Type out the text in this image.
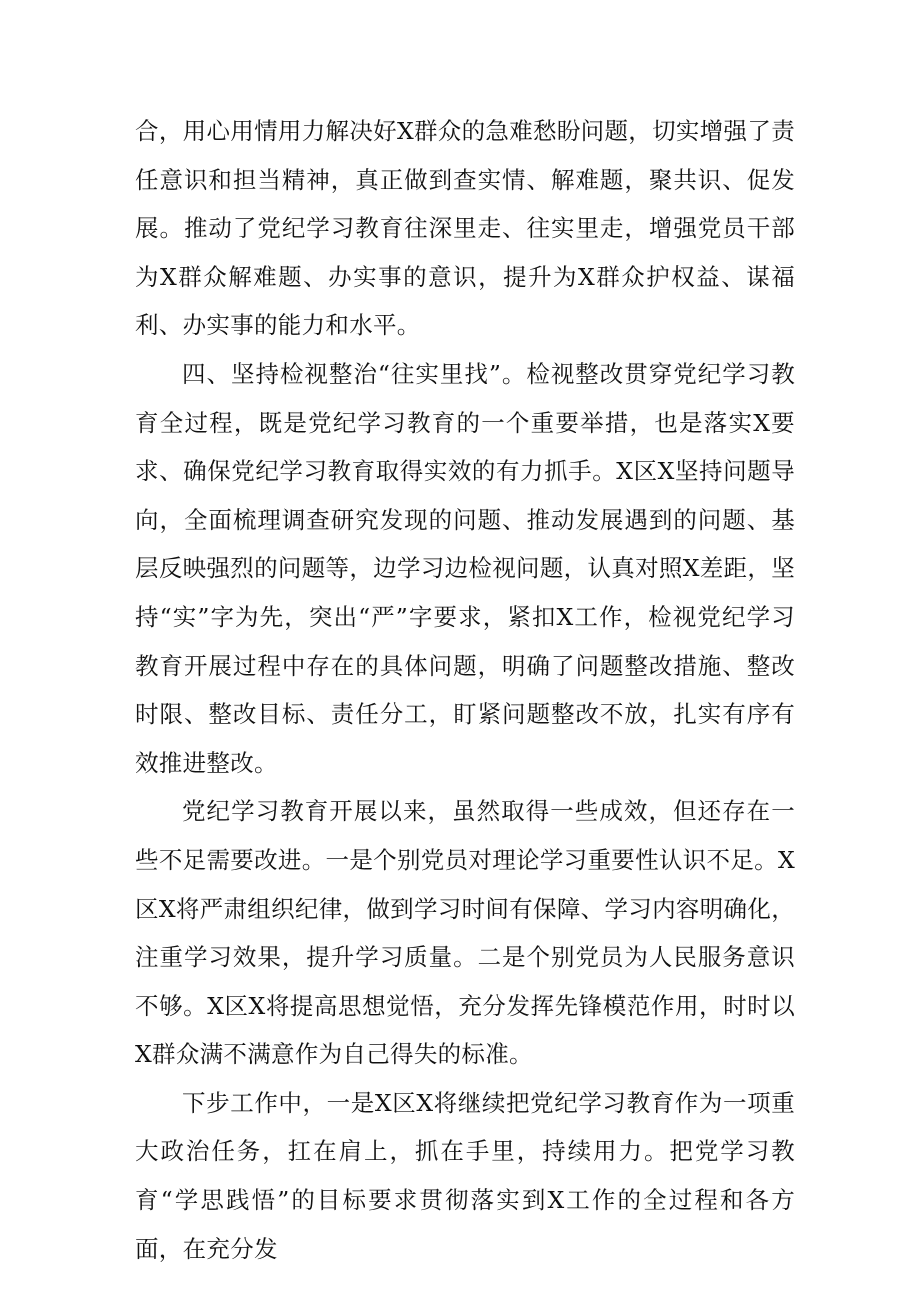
合，用心用情用力解决好X群众的急难愁盼问题，切实增强了责任意识和担当精神，真正做到查实情、解难题，聚共识、促发展。推动了党纪学习教育往深里走、往实里走，增强党员干部为X群众解难题、办实事的意识，提升为X群众护权益、谋福利、办实事的能力和水平。

四、坚持检视整治“往实里找”。检视整改贯穿党纪学习教育全过程，既是党纪学习教育的一个重要举措，也是落实X要求、确保党纪学习教育取得实效的有力抓手。X区X坚持问题导向，全面梳理调查研究发现的问题、推动发展遇到的问题、基层反映强烈的问题等，边学习边检视问题，认真对照X差距，坚持“实”字为先，突出“严”字要求，紧扣X工作，检视党纪学习教育开展过程中存在的具体问题，明确了问题整改措施、整改时限、整改目标、责任分工，盯紧问题整改不放，扎实有序有效推进整改。

党纪学习教育开展以来，虽然取得一些成效，但还存在一些不足需要改进。一是个别党员对理论学习重要性认识不足。X区X将严肃组织纪律，做到学习时间有保障、学习内容明确化，注重学习效果，提升学习质量。二是个别党员为人民服务意识不够。X区X将提高思想觉悟，充分发挥先锋模范作用，时时以X群众满不满意作为自己得失的标准。

下步工作中，一是X区X将继续把党纪学习教育作为一项重大政治任务，扛在肩上，抓在手里，持续用力。把党学习教育“学思践悟”的目标要求贯彻落实到X工作的全过程和各方面，在充分发
